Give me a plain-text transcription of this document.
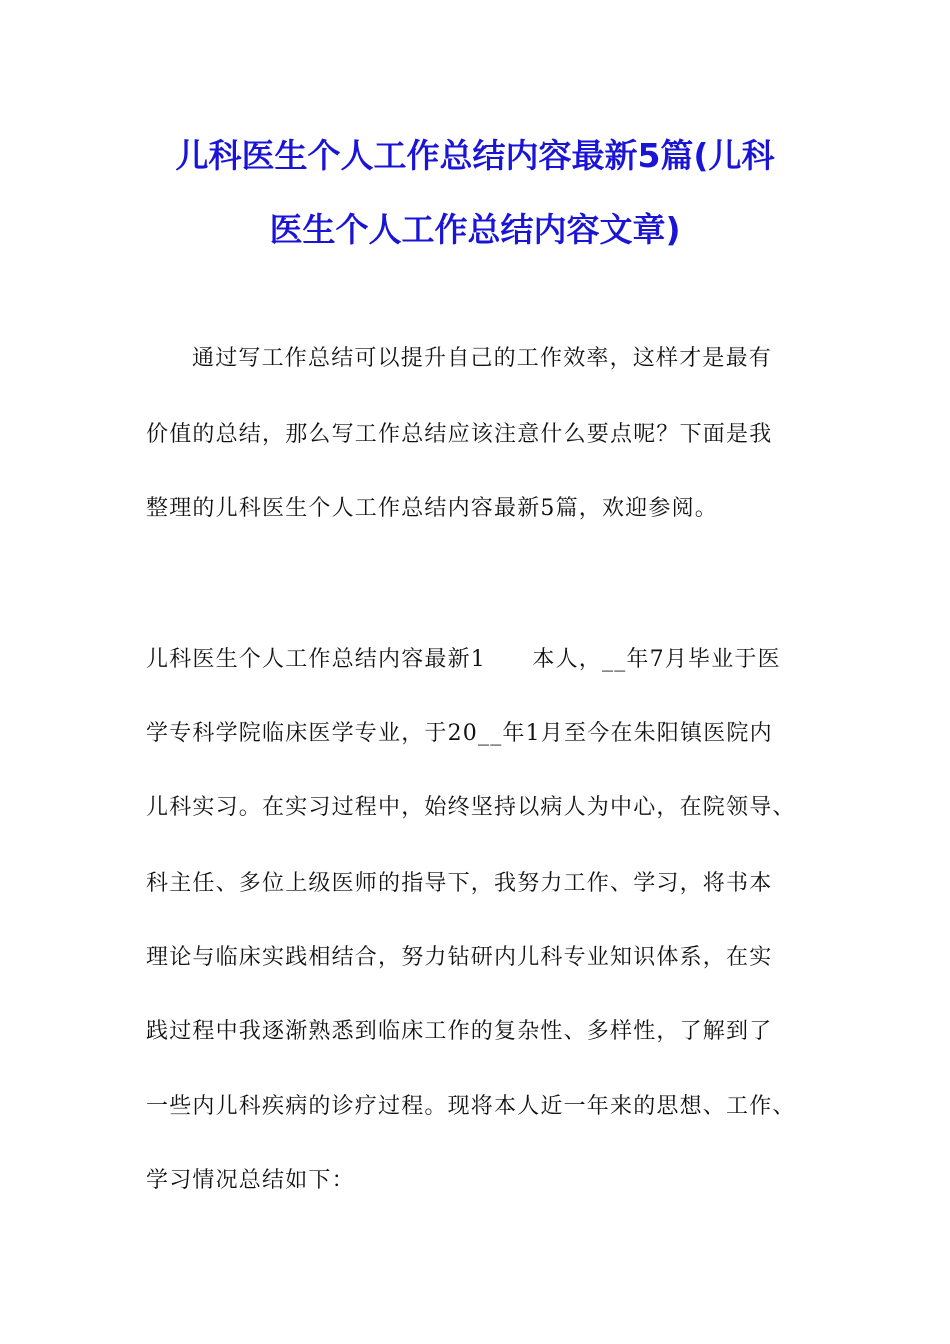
儿科医生个人工作总结内容最新5篇(儿科
医生个人工作总结内容文章)
通过写工作总结可以提升自己的工作效率，这样才是最有
价值的总结，那么写工作总结应该注意什么要点呢？下面是我
整理的儿科医生个人工作总结内容最新5篇，欢迎参阅。
儿科医生个人工作总结内容最新1　　本人，__年7月毕业于医
学专科学院临床医学专业，于20__年1月至今在朱阳镇医院内
儿科实习。在实习过程中，始终坚持以病人为中心，在院领导、
科主任、多位上级医师的指导下，我努力工作、学习，将书本
理论与临床实践相结合，努力钻研内儿科专业知识体系，在实
践过程中我逐渐熟悉到临床工作的复杂性、多样性，了解到了
一些内儿科疾病的诊疗过程。现将本人近一年来的思想、工作、
学习情况总结如下：
